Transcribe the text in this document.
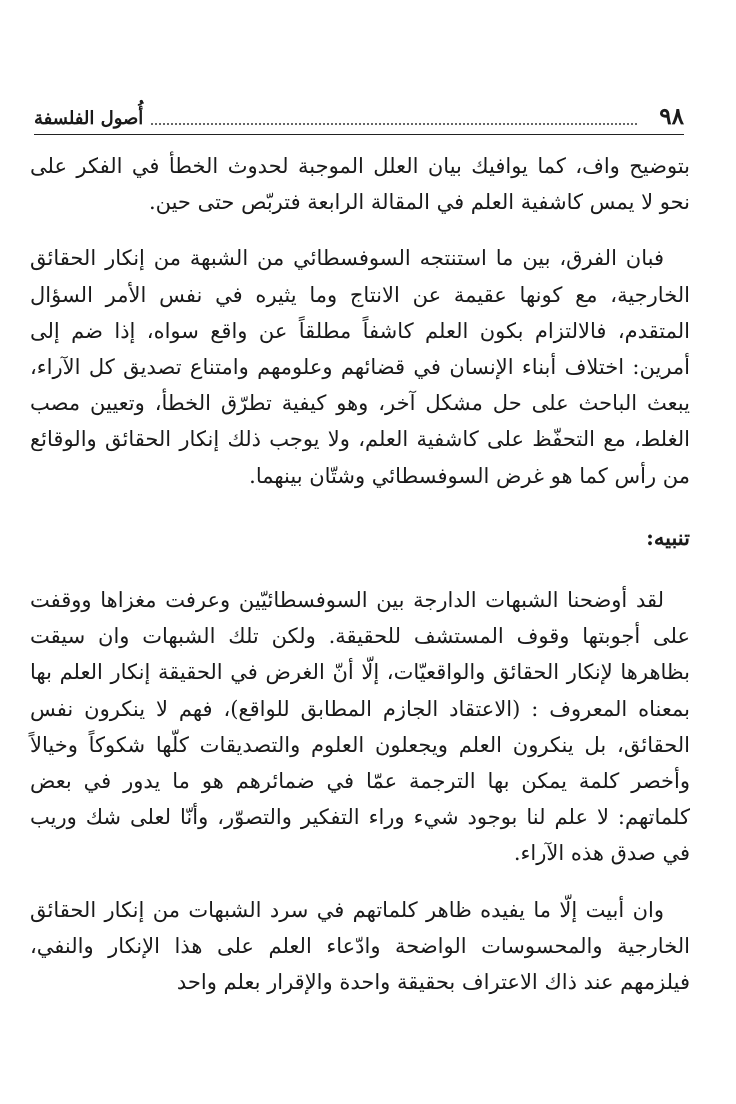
٩٨
أُصول الفلسفة

بتوضيح واف، كما يوافيك بيان العلل الموجبة لحدوث الخطأ في الفكر على نحو لا يمس كاشفية العلم في المقالة الرابعة فتربّص حتى حين.

فبان الفرق، بين ما استنتجه السوفسطائي من الشبهة من إنكار الحقائق الخارجية، مع كونها عقيمة عن الانتاج وما يثيره في نفس الأمر السؤال المتقدم، فالالتزام بكون العلم كاشفاً مطلقاً عن واقع سواه، إذا ضم إلى أمرين: اختلاف أبناء الإنسان في قضائهم وعلومهم وامتناع تصديق كل الآراء، يبعث الباحث على حل مشكل آخر، وهو كيفية تطرّق الخطأ، وتعيين مصب الغلط، مع التحفّظ على كاشفية العلم، ولا يوجب ذلك إنكار الحقائق والوقائع من رأس كما هو غرض السوفسطائي وشتّان بينهما.

تنبيه:

لقد أوضحنا الشبهات الدارجة بين السوفسطائيّين وعرفت مغزاها ووقفت على أجوبتها وقوف المستشف للحقيقة. ولكن تلك الشبهات وان سيقت بظاهرها لإنكار الحقائق والواقعيّات، إلّا أنّ الغرض في الحقيقة إنكار العلم بها بمعناه المعروف : (الاعتقاد الجازم المطابق للواقع)، فهم لا ينكرون نفس الحقائق، بل ينكرون العلم ويجعلون العلوم والتصديقات كلّها شكوكاً وخيالاً وأخصر كلمة يمكن بها الترجمة عمّا في ضمائرهم هو ما يدور في بعض كلماتهم: لا علم لنا بوجود شيء وراء التفكير والتصوّر، وأنّا لعلى شك وريب في صدق هذه الآراء.

وان أبيت إلّا ما يفيده ظاهر كلماتهم في سرد الشبهات من إنكار الحقائق الخارجية والمحسوسات الواضحة وادّعاء العلم على هذا الإنكار والنفي، فيلزمهم عند ذاك الاعتراف بحقيقة واحدة والإقرار بعلم واحد
